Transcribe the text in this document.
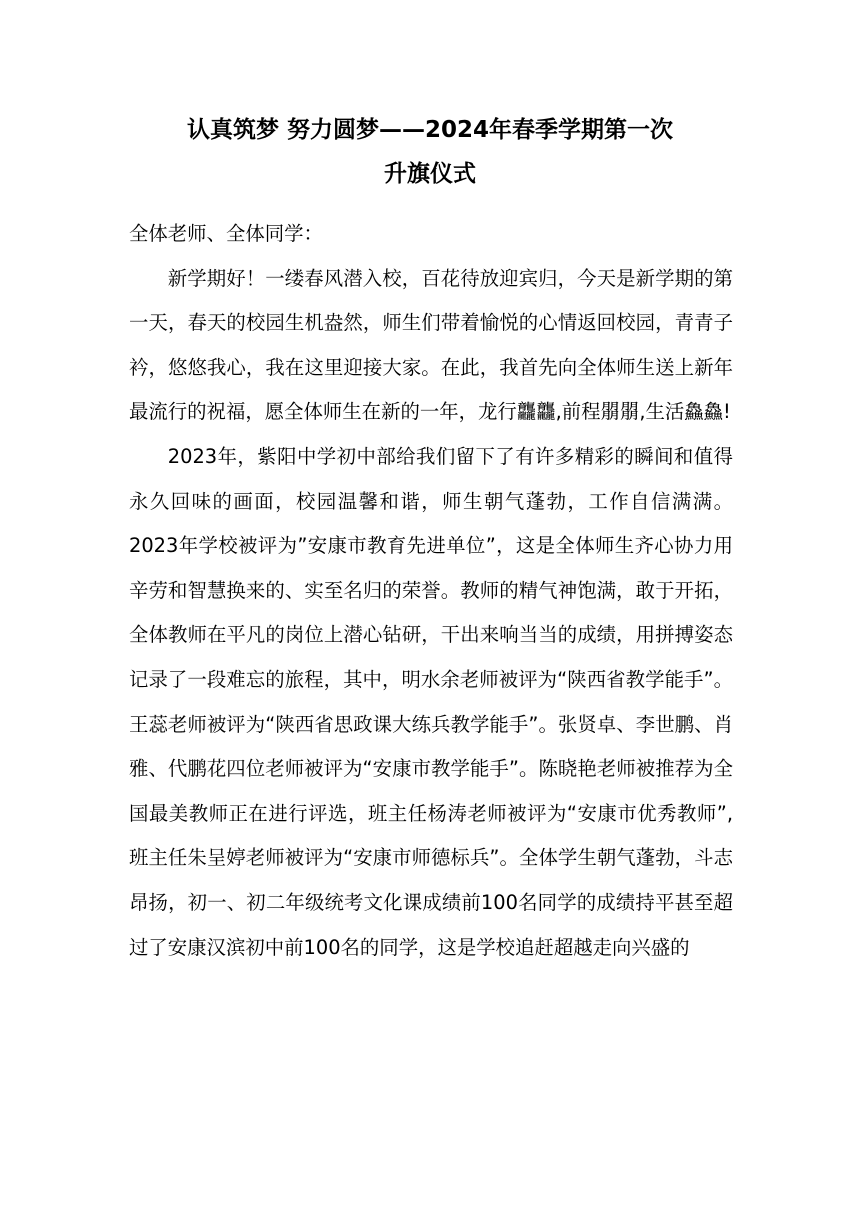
认真筑梦 努力圆梦——2024年春季学期第一次
升旗仪式

全体老师、全体同学：

新学期好！一缕春风潜入校，百花待放迎宾归，今天是新学期的第一天，春天的校园生机盎然，师生们带着愉悦的心情返回校园，青青子衿，悠悠我心，我在这里迎接大家。在此，我首先向全体师生送上新年最流行的祝福，愿全体师生在新的一年，龙行龘龘,前程朤朤,生活鱻鱻!

2023年，紫阳中学初中部给我们留下了有许多精彩的瞬间和值得永久回味的画面，校园温馨和谐，师生朝气蓬勃，工作自信满满。2023年学校被评为”安康市教育先进单位”，这是全体师生齐心协力用辛劳和智慧换来的、实至名归的荣誉。教师的精气神饱满，敢于开拓，全体教师在平凡的岗位上潜心钻研，干出来响当当的成绩，用拼搏姿态记录了一段难忘的旅程，其中，明水余老师被评为“陕西省教学能手”。王蕊老师被评为“陕西省思政课大练兵教学能手”。张贤卓、李世鹏、肖雅、代鹏花四位老师被评为“安康市教学能手”。陈晓艳老师被推荐为全国最美教师正在进行评选，班主任杨涛老师被评为“安康市优秀教师”,班主任朱呈婷老师被评为“安康市师德标兵”。全体学生朝气蓬勃，斗志昂扬，初一、初二年级统考文化课成绩前100名同学的成绩持平甚至超过了安康汉滨初中前100名的同学，这是学校追赶超越走向兴盛的
